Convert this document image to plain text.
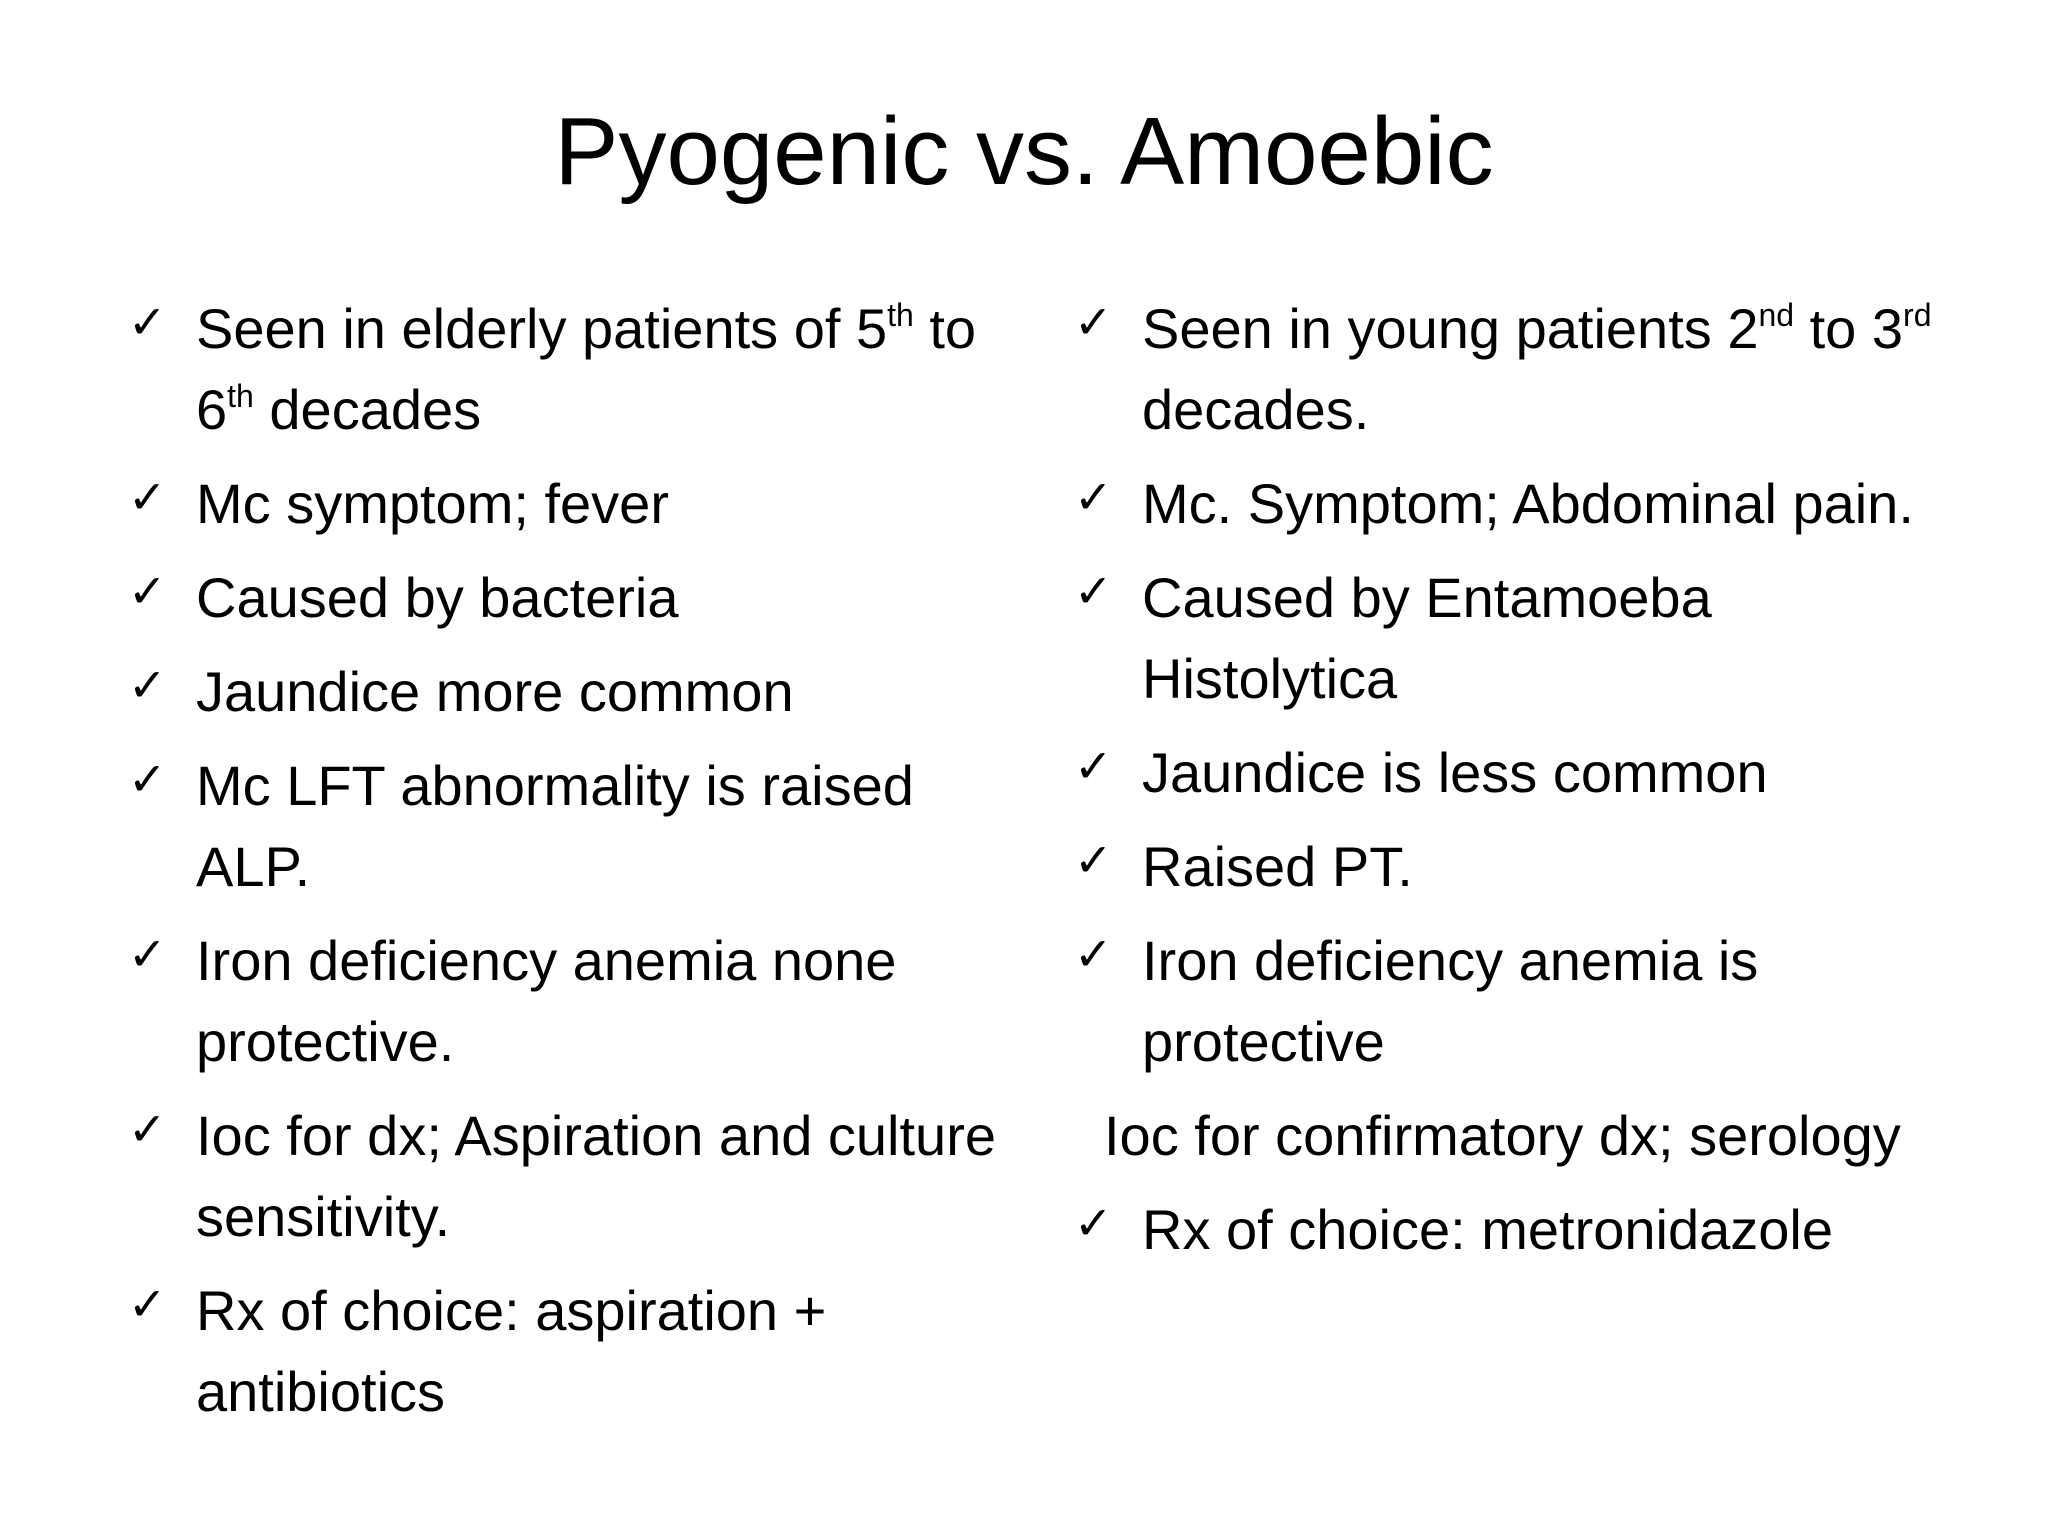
Pyogenic vs. Amoebic
✓ Seen in elderly patients of 5th to 6th decades
✓ Mc symptom; fever
✓ Caused by bacteria
✓ Jaundice more common
✓ Mc LFT abnormality is raised ALP.
✓ Iron deficiency anemia none protective.
✓ Ioc for dx; Aspiration and culture sensitivity.
✓ Rx of choice: aspiration + antibiotics
✓ Seen in young patients 2nd to 3rd decades.
✓ Mc. Symptom; Abdominal pain.
✓ Caused by Entamoeba Histolytica
✓ Jaundice is less common
✓ Raised PT.
✓ Iron deficiency anemia is protective
Ioc for confirmatory dx; serology
✓ Rx of choice: metronidazole
